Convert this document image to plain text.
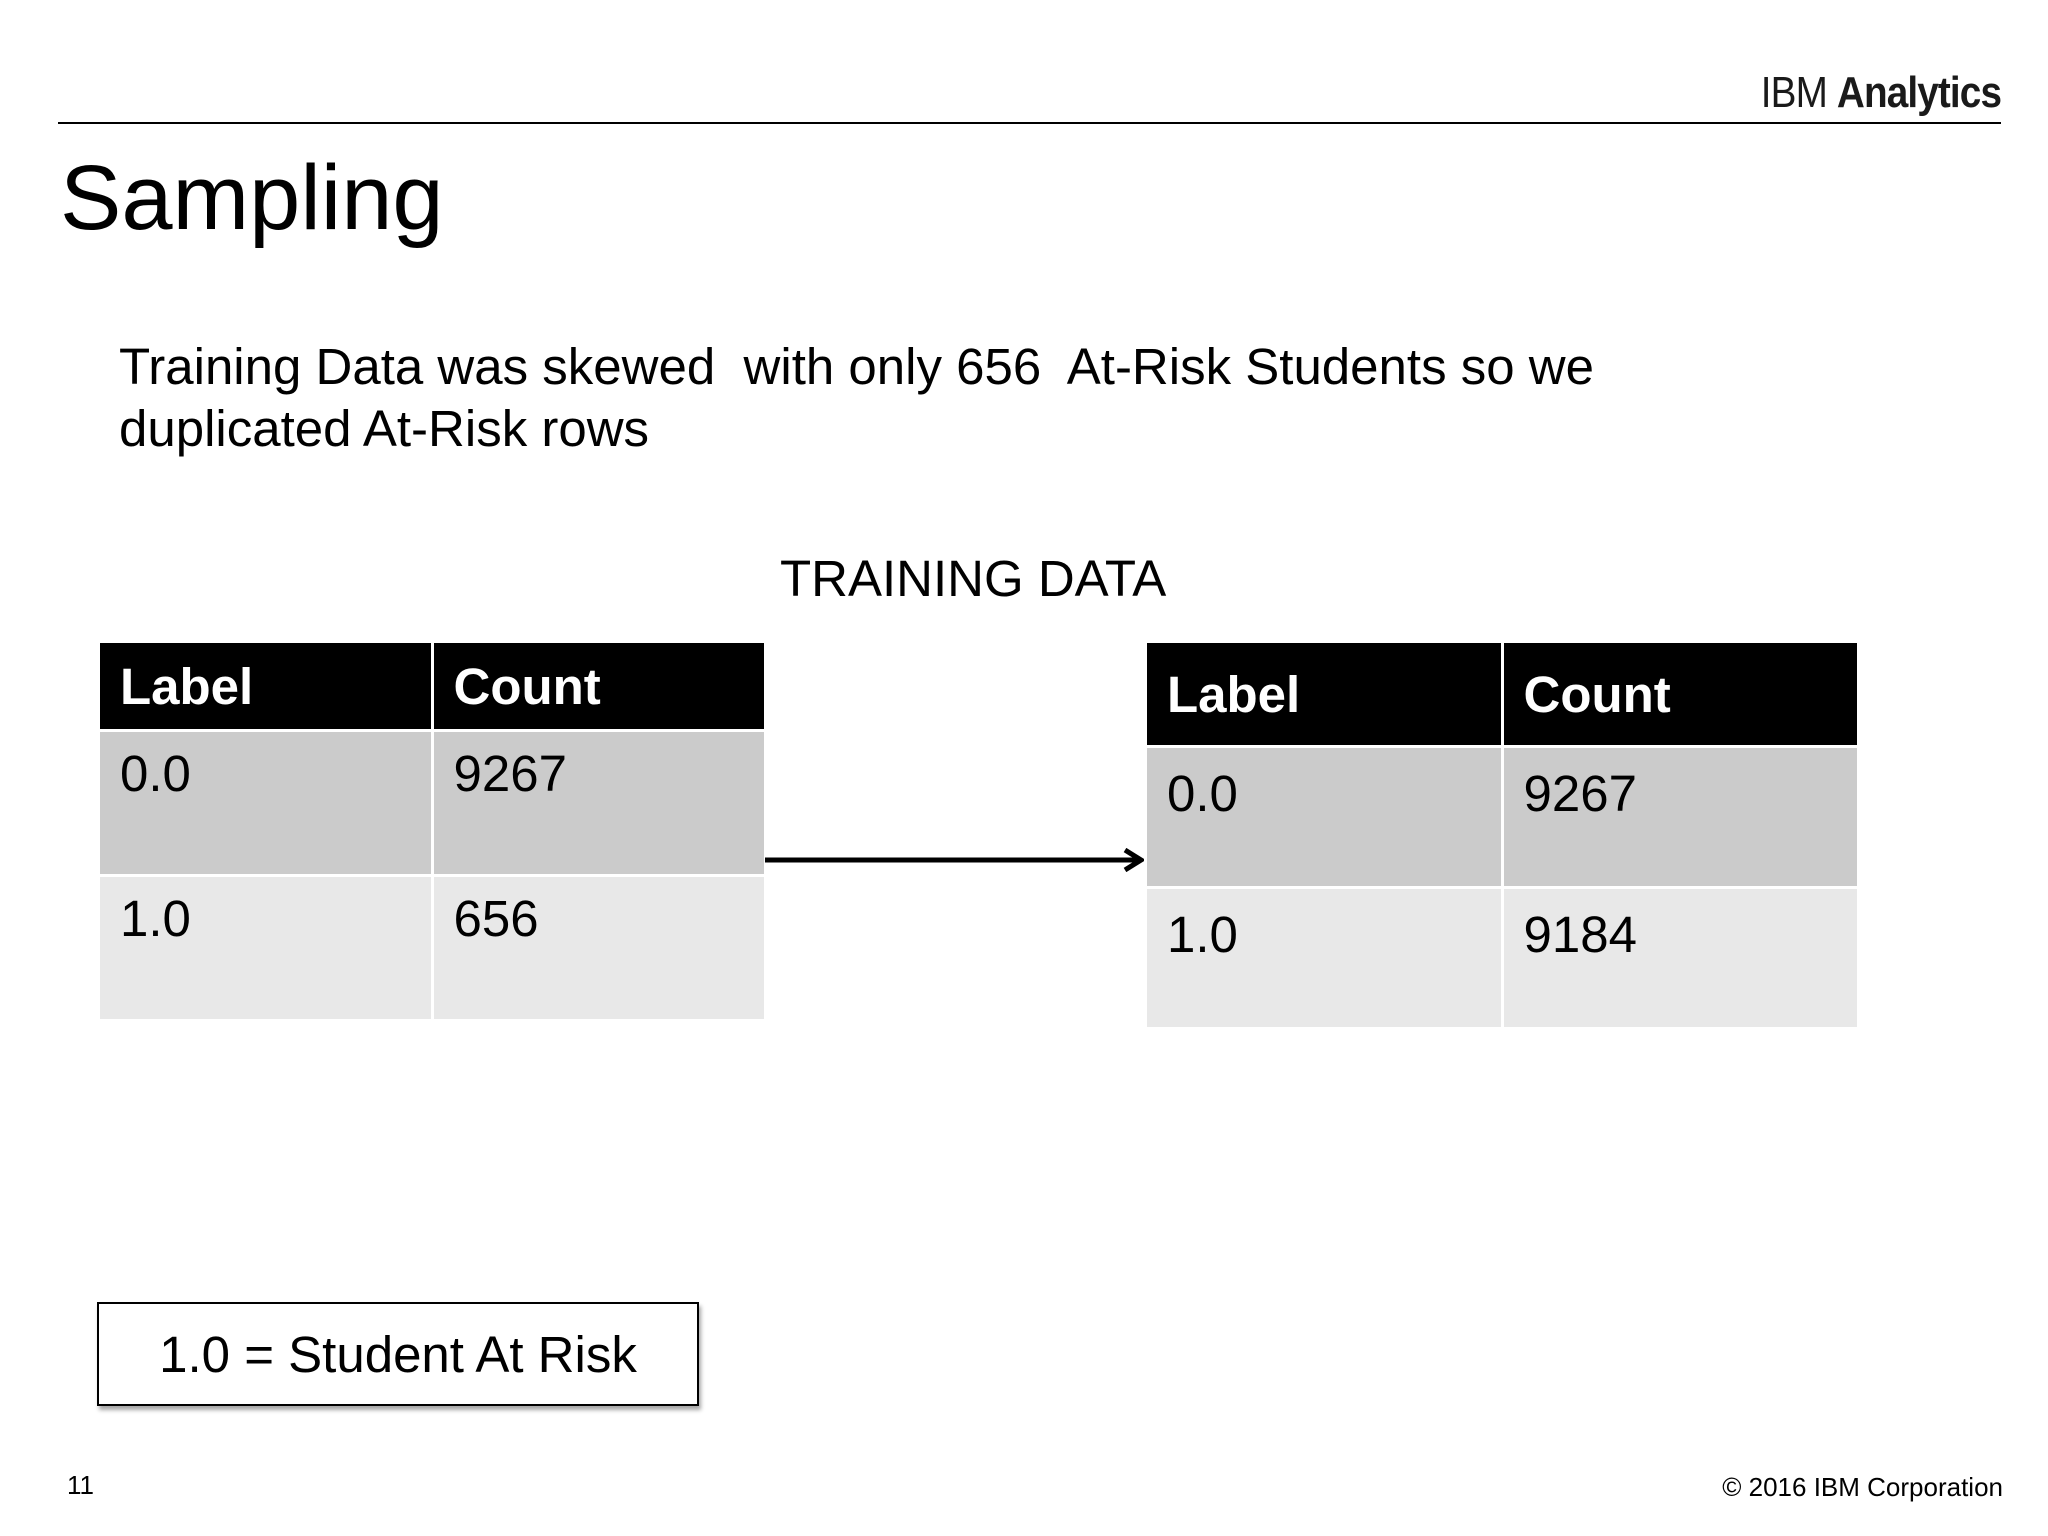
IBM Analytics
Sampling
Training Data was skewed  with only 656  At-Risk Students so we
duplicated At-Risk rows
TRAINING DATA
Label	Count
0.0	9267
1.0	656
Label	Count
0.0	9267
1.0	9184
1.0 = Student At Risk
11	© 2016 IBM Corporation
